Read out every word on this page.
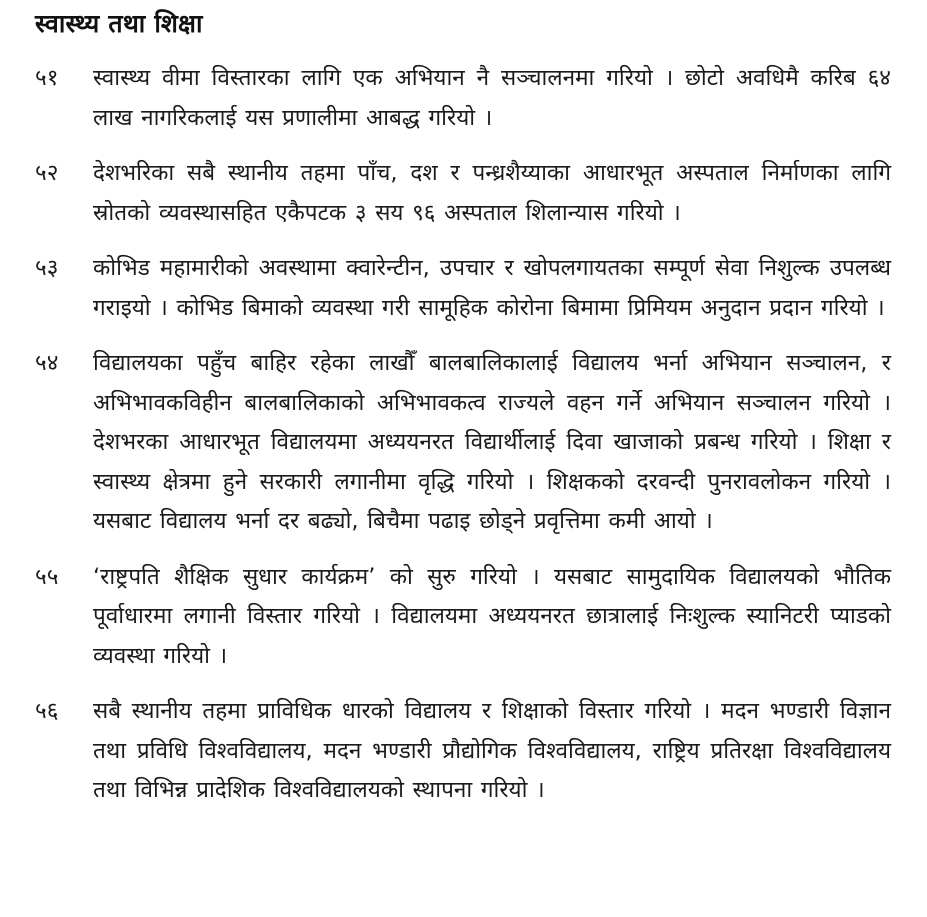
स्वास्थ्य तथा शिक्षा
५१	स्वास्थ्य वीमा विस्तारका लागि एक अभियान नै सञ्चालनमा गरियो । छोटो अवधिमै करिब ६४ लाख नागरिकलाई यस प्रणालीमा आबद्ध गरियो ।
५२	देशभरिका सबै स्थानीय तहमा पाँच, दश र पन्ध्रशैय्याका आधारभूत अस्पताल निर्माणका लागि स्रोतको व्यवस्थासहित एकैपटक ३ सय ९६ अस्पताल शिलान्यास गरियो ।
५३	कोभिड महामारीको अवस्थामा क्वारेन्टीन, उपचार र खोपलगायतका सम्पूर्ण सेवा निशुल्क उपलब्ध गराइयो । कोभिड बिमाको व्यवस्था गरी सामूहिक कोरोना बिमामा प्रिमियम अनुदान प्रदान गरियो ।
५४	विद्यालयका पहुँच बाहिर रहेका लाखौँ बालबालिकालाई विद्यालय भर्ना अभियान सञ्चालन, र अभिभावकविहीन बालबालिकाको अभिभावकत्व राज्यले वहन गर्ने अभियान सञ्चालन गरियो । देशभरका आधारभूत विद्यालयमा अध्ययनरत विद्यार्थीलाई दिवा खाजाको प्रबन्ध गरियो । शिक्षा र स्वास्थ्य क्षेत्रमा हुने सरकारी लगानीमा वृद्धि गरियो । शिक्षकको दरवन्दी पुनरावलोकन गरियो । यसबाट विद्यालय भर्ना दर बढ्यो, बिचैमा पढाइ छोड्ने प्रवृत्तिमा कमी आयो ।
५५	‘राष्ट्रपति शैक्षिक सुधार कार्यक्रम’ को सुरु गरियो । यसबाट सामुदायिक विद्यालयको भौतिक पूर्वाधारमा लगानी विस्तार गरियो । विद्यालयमा अध्ययनरत छात्रालाई निःशुल्क स्यानिटरी प्याडको व्यवस्था गरियो ।
५६	सबै स्थानीय तहमा प्राविधिक धारको विद्यालय र शिक्षाको विस्तार गरियो । मदन भण्डारी विज्ञान तथा प्रविधि विश्वविद्यालय, मदन भण्डारी प्रौद्योगिक विश्वविद्यालय, राष्ट्रिय प्रतिरक्षा विश्वविद्यालय तथा विभिन्न प्रादेशिक विश्वविद्यालयको स्थापना गरियो ।
